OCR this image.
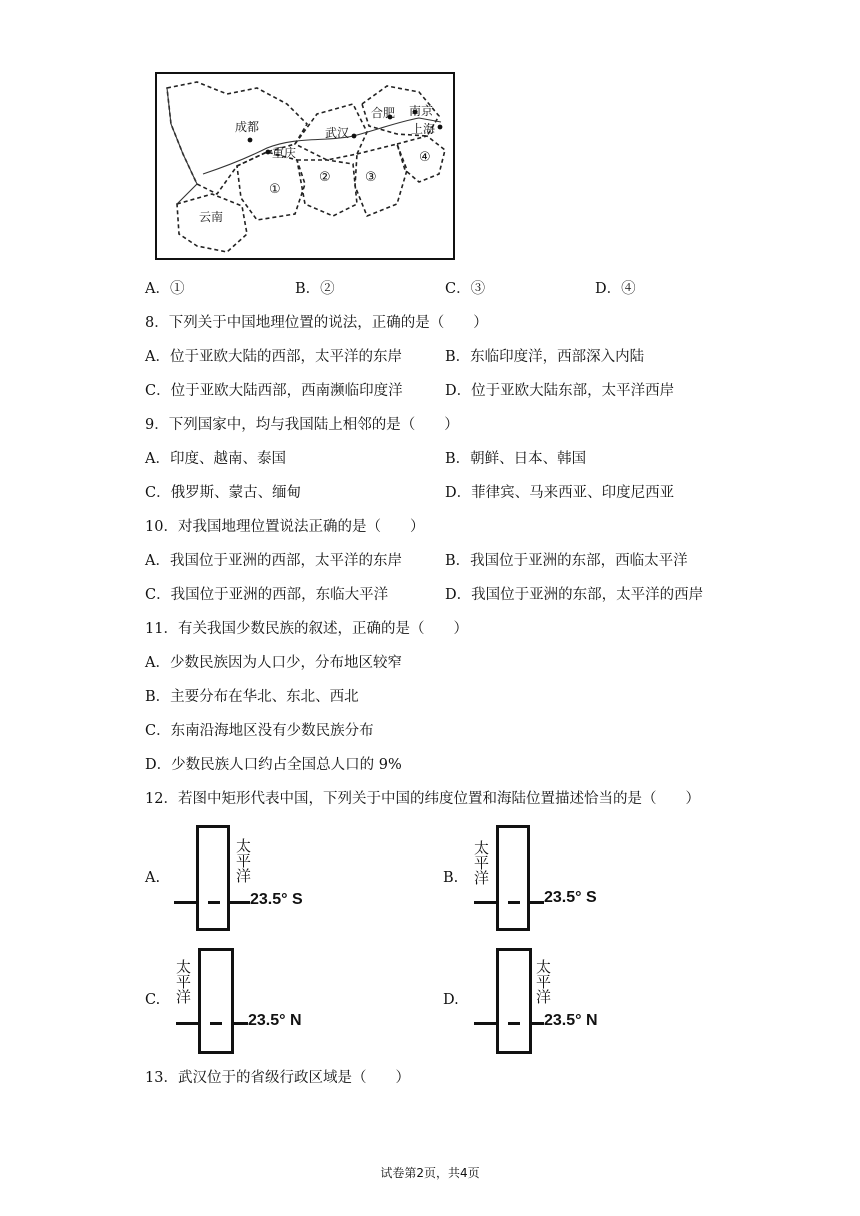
成都
重庆
武汉
合肥 南京
上海
云南
①
②	③
④
A．①	B．②	C．③	D．④
8．下列关于中国地理位置的说法，正确的是（　　）
A．位于亚欧大陆的西部，太平洋的东岸	B．东临印度洋，西部深入内陆
C．位于亚欧大陆西部，西南濒临印度洋	D．位于亚欧大陆东部，太平洋西岸
9．下列国家中，均与我国陆上相邻的是（　　）
A．印度、越南、泰国	B．朝鲜、日本、韩国
C．俄罗斯、蒙古、缅甸	D．菲律宾、马来西亚、印度尼西亚
10．对我国地理位置说法正确的是（　　）
A．我国位于亚洲的西部，太平洋的东岸	B．我国位于亚洲的东部，西临太平洋
C．我国位于亚洲的西部，东临大平洋	D．我国位于亚洲的东部，太平洋的西岸
11．有关我国少数民族的叙述，正确的是（　　）
A．少数民族因为人口少，分布地区较窄
B．主要分布在华北、东北、西北
C．东南沿海地区没有少数民族分布
D．少数民族人口约占全国总人口的 9%
12．若图中矩形代表中国，下列关于中国的纬度位置和海陆位置描述恰当的是（　　）
A.
太
平
洋
23.5° S
B.
太
平
洋
23.5° S
C.
太
平
洋
23.5° N
D.
太
平
洋
23.5° N
13．武汉位于的省级行政区域是（　　）
试卷第2页，共4页
